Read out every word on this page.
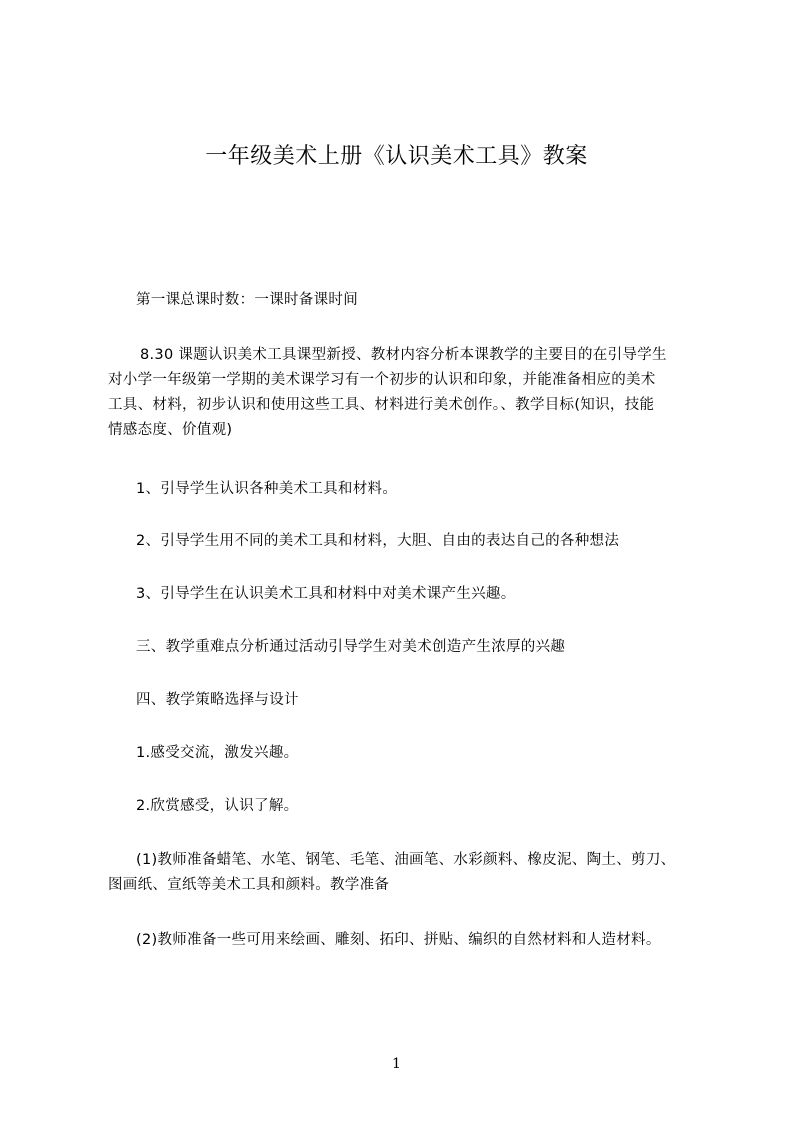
一年级美术上册《认识美术工具》教案

第一课总课时数：一课时备课时间

8.30 课题认识美术工具课型新授、教材内容分析本课教学的主要目的在引导学生
对小学一年级第一学期的美术课学习有一个初步的认识和印象，并能准备相应的美术
工具、材料，初步认识和使用这些工具、材料进行美术创作。、教学目标(知识，技能
情感态度、价值观)

1、引导学生认识各种美术工具和材料。

2、引导学生用不同的美术工具和材料，大胆、自由的表达自己的各种想法

3、引导学生在认识美术工具和材料中对美术课产生兴趣。

三、教学重难点分析通过活动引导学生对美术创造产生浓厚的兴趣

四、教学策略选择与设计

1.感受交流，激发兴趣。

2.欣赏感受，认识了解。

(1)教师准备蜡笔、水笔、钢笔、毛笔、油画笔、水彩颜料、橡皮泥、陶土、剪刀、
图画纸、宣纸等美术工具和颜料。教学准备

(2)教师准备一些可用来绘画、雕刻、拓印、拼贴、编织的自然材料和人造材料。

1
